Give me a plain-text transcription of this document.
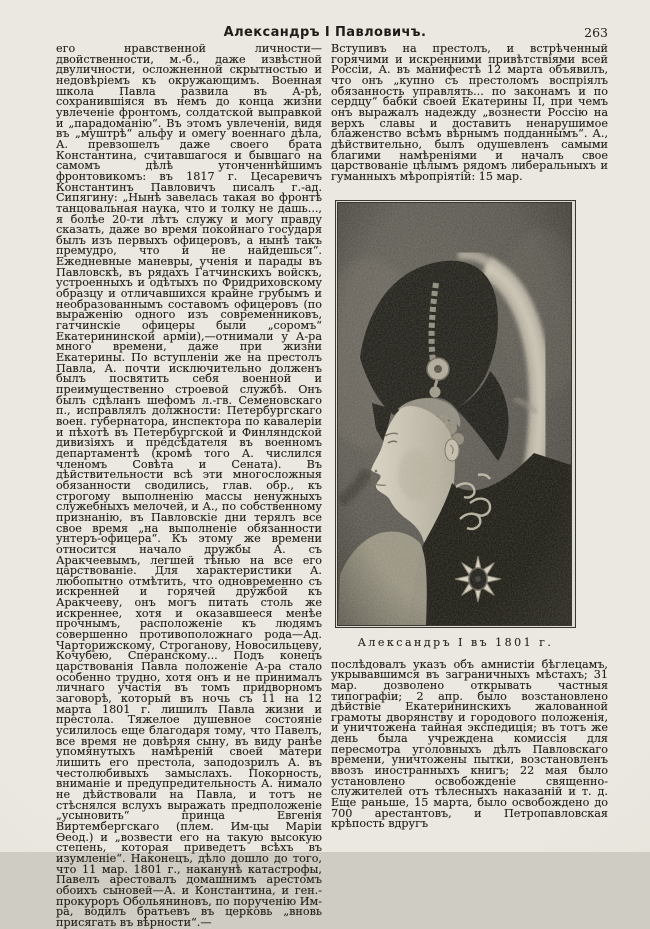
Александръ I Павловичъ.	263

его нравственной личности—двойственности, м.-б., даже извѣстной двуличности, осложненной скрытностью и недовѣріемъ къ окружающимъ. Военная школа Павла развила въ А-рѣ, сохранившіяся въ немъ до конца жизни увлеченіе фронтомъ, солдатской выправкой и „парадоманію“. Въ этомъ увлеченіи, видя въ „муштрѣ“ альфу и омегу военнаго дѣла, А. превзошелъ даже своего брата Константина, считавшагося и бывшаго на самомъ дѣлѣ утонченнѣйшимъ фронтовикомъ: въ 1817 г. Цесаревичъ Константинъ Павловичъ писалъ г.-ад. Сипягину: „Нынѣ завелась такая во фронтѣ танцовальная наука, что и толку не дашь..., я болѣе 20-ти лѣтъ служу и могу правду сказать, даже во время покойнаго государя былъ изъ первыхъ офицеровъ, а нынѣ такъ премудро, что и не найдешься“. Ежедневные маневры, ученія и парады въ Павловскѣ, въ рядахъ Гатчинскихъ войскъ, устроенныхъ и одѣтыхъ по Фридриховскому образцу и отличавшихся крайне грубымъ и необразованнымъ составомъ офицеровъ (по выраженію одного изъ современниковъ, гатчинскіе офицеры были „соромъ“ Екатерининской арміи),—отнимали у А-ра много времени, даже при жизни Екатерины. По вступленіи же на престолъ Павла, А. почти исключительно долженъ былъ посвятить себя военной и преимущественно строевой службѣ. Онъ былъ сдѣланъ шефомъ л.-гв. Семеновскаго п., исправлялъ должности: Петербургскаго воен. губернатора, инспектора по кавалеріи и пѣхотѣ въ Петербургской и Финляндской дивизіяхъ и предсѣдателя въ военномъ департаментѣ (кромѣ того А. числился членомъ Совѣта и Сената). Въ дѣйствительности всѣ эти многосложныя обязанности сводились, глав. обр., къ строгому выполненію массы ненужныхъ служебныхъ мелочей, и А., по собственному признанію, въ Павловскіе дни терялъ все свое время „на выполненіе обязанности унтеръ-офицера“. Къ этому же времени относится начало дружбы А. съ Аракчеевымъ, легшей тѣнью на все его царствованіе. Для характеристики А. любопытно отмѣтить, что одновременно съ искренней и горячей дружбой къ Аракчееву, онъ могъ питать столь же искреннее, хотя и оказавшееся менѣе прочнымъ, расположеніе къ людямъ совершенно противоположнаго рода—Ад. Чарторижскому, Строганову, Новосильцеву, Кочубею, Сперанскому... Подъ конецъ царствованія Павла положеніе А-ра стало особенно трудно, хотя онъ и не принималъ личнаго участія въ томъ придворномъ заговорѣ, который въ ночь съ 11 на 12 марта 1801 г. лишилъ Павла жизни и престола. Тяжелое душевное состояніе усилилось еще благодаря тому, что Павелъ, все время не довѣряя сыну, въ виду ранѣе упомянутыхъ намѣреній своей матери лишить его престола, заподозрилъ А. въ честолюбивыхъ замыслахъ. Покорность, вниманіе и предупредительность А. нимало не дѣйствовали на Павла, и тотъ не стѣснялся вслухъ выражать предположеніе „усыновить“ принца Евгенія Виртембергскаго (плем. Им-цы Маріи Ѳеод.) и „возвести его на такую высокую степень, которая приведетъ всѣхъ въ изумленіе“. Наконецъ, дѣло дошло до того, что 11 мар. 1801 г., наканунѣ катастрофы, Павелъ арестовалъ домашнимъ арестомъ обоихъ сыновей—А. и Константина, и ген.-прокуроръ Обольяниновъ, по порученію Им-ра, водилъ братьевъ въ церковь „вновь присягать въ вѣрности“.—

Вступивъ на престолъ, и встрѣченный горячими и искренними привѣтствіями всей Россіи, А. въ манифестѣ 12 марта объявилъ, что онъ „купно съ престоломъ воспріялъ обязанность управлять... по законамъ и по сердцу“ бабки своей Екатерины II, при чемъ онъ выражалъ надежду „вознести Россію на верхъ славы и доставить ненарушимое блаженство всѣмъ вѣрнымъ подданнымъ“. А., дѣйствительно, былъ одушевленъ самыми благими намѣреніями и началъ свое царствованіе цѣлымъ рядомъ либеральныхъ и гуманныхъ мѣропріятій: 15 мар.

Александръ I въ 1801 г.

послѣдовалъ указъ объ амнистіи бѣглецамъ, укрывавшимся въ заграничныхъ мѣстахъ; 31 мар. дозволено открывать частныя типографіи; 2 апр. было возстановлено дѣйствіе Екатерининскихъ жалованной грамоты дворянству и городового положенія, и уничтожена тайная экспедиція; въ тотъ же день была учреждена комиссія для пересмотра уголовныхъ дѣлъ Павловскаго времени, уничтожены пытки, возстановленъ ввозъ иностранныхъ книгъ; 22 мая было установлено освобожденіе священно-служителей отъ тѣлесныхъ наказаній и т. д. Еще раньше, 15 марта, было освобождено до 700 арестантовъ, и Петропавловская крѣпость вдругъ
